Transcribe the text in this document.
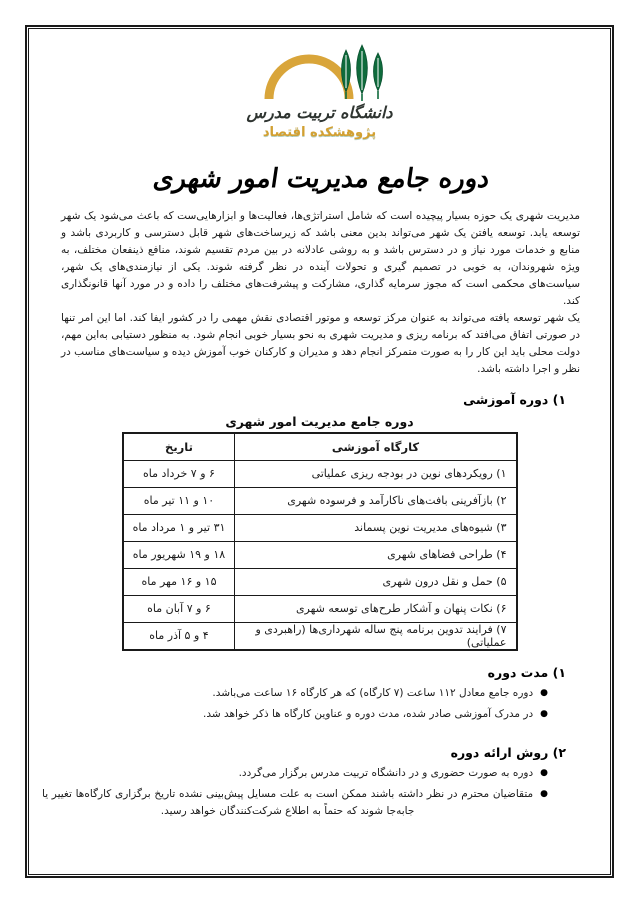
دانشگاه تربیت مدرس
پژوهشکده اقتصاد
دوره جامع مدیریت امور شهری

مدیریت شهری یک حوزه بسیار پیچیده است که شامل استراتژی‌ها، فعالیت‌ها و ابزارهایی‌ست که باعث می‌شود یک شهر توسعه یابد. توسعه یافتن یک شهر می‌تواند بدین معنی باشد که زیرساخت‌های شهر قابل دسترسی و کاربردی باشد و منابع و خدمات مورد نیاز و در دسترس باشد و به روشی عادلانه در بین مردم تقسیم شوند، منافع ذینفعان مختلف، به ویژه شهروندان، به خوبی در تصمیم گیری و تحولات آینده در نظر گرفته شوند. یکی از نیازمندی‌های یک شهر، سیاست‌های محکمی است که مجوز سرمایه گذاری، مشارکت و پیشرفت‌های مختلف را داده و در مورد آنها قانونگذاری کند.

یک شهر توسعه یافته می‌تواند به عنوان مرکز توسعه و موتور اقتصادی نقش مهمی را در کشور ایفا کند. اما این امر تنها در صورتی اتفاق می‌افتد که برنامه ریزی و مدیریت شهری به نحو بسیار خوبی انجام شود. به منظور دستیابی به‌این مهم، دولت محلی باید این کار را به صورت متمرکز انجام دهد و مدیران و کارکنان خوب آموزش دیده و سیاست‌های مناسب در نظر و اجرا داشته باشد.

۱) دوره آموزشی
دوره جامع مدیریت امور شهری
کارگاه آموزشی	تاریخ
۱) رویکردهای نوین در بودجه ریزی عملیاتی	۶ و ۷ خرداد ماه
۲) بازآفرینی بافت‌های ناکارآمد و فرسوده شهری	۱۰ و ۱۱ تیر ماه
۳) شیوه‌های مدیریت نوین پسماند	۳۱ تیر و ۱ مرداد ماه
۴) طراحی فضاهای شهری	۱۸ و ۱۹ شهریور ماه
۵) حمل و نقل درون شهری	۱۵ و ۱۶ مهر ماه
۶) نکات پنهان و آشکار طرح‌های توسعه شهری	۶ و ۷ آبان ماه
۷) فرایند تدوین برنامه پنج ساله شهرداری‌ها (راهبردی و عملیاتی)	۴ و ۵ آذر ماه
۱) مدت دوره
●
دوره جامع معادل ۱۱۲ ساعت (۷ کارگاه) که هر کارگاه ۱۶ ساعت می‌باشد.
●
در مدرک آموزشی صادر شده، مدت دوره و عناوین کارگاه ها ذکر خواهد شد.
۲) روش ارائه دوره
●
دوره به صورت حضوری و در دانشگاه تربیت مدرس برگزار می‌گردد.
●
متقاضیان محترم در نظر داشته باشند ممکن است به علت مسایل پیش‌بینی نشده تاریخ برگزاری کارگاه‌ها تغییر یا جابه‌جا شوند که حتماً به اطلاع شرکت‌کنندگان خواهد رسید.
